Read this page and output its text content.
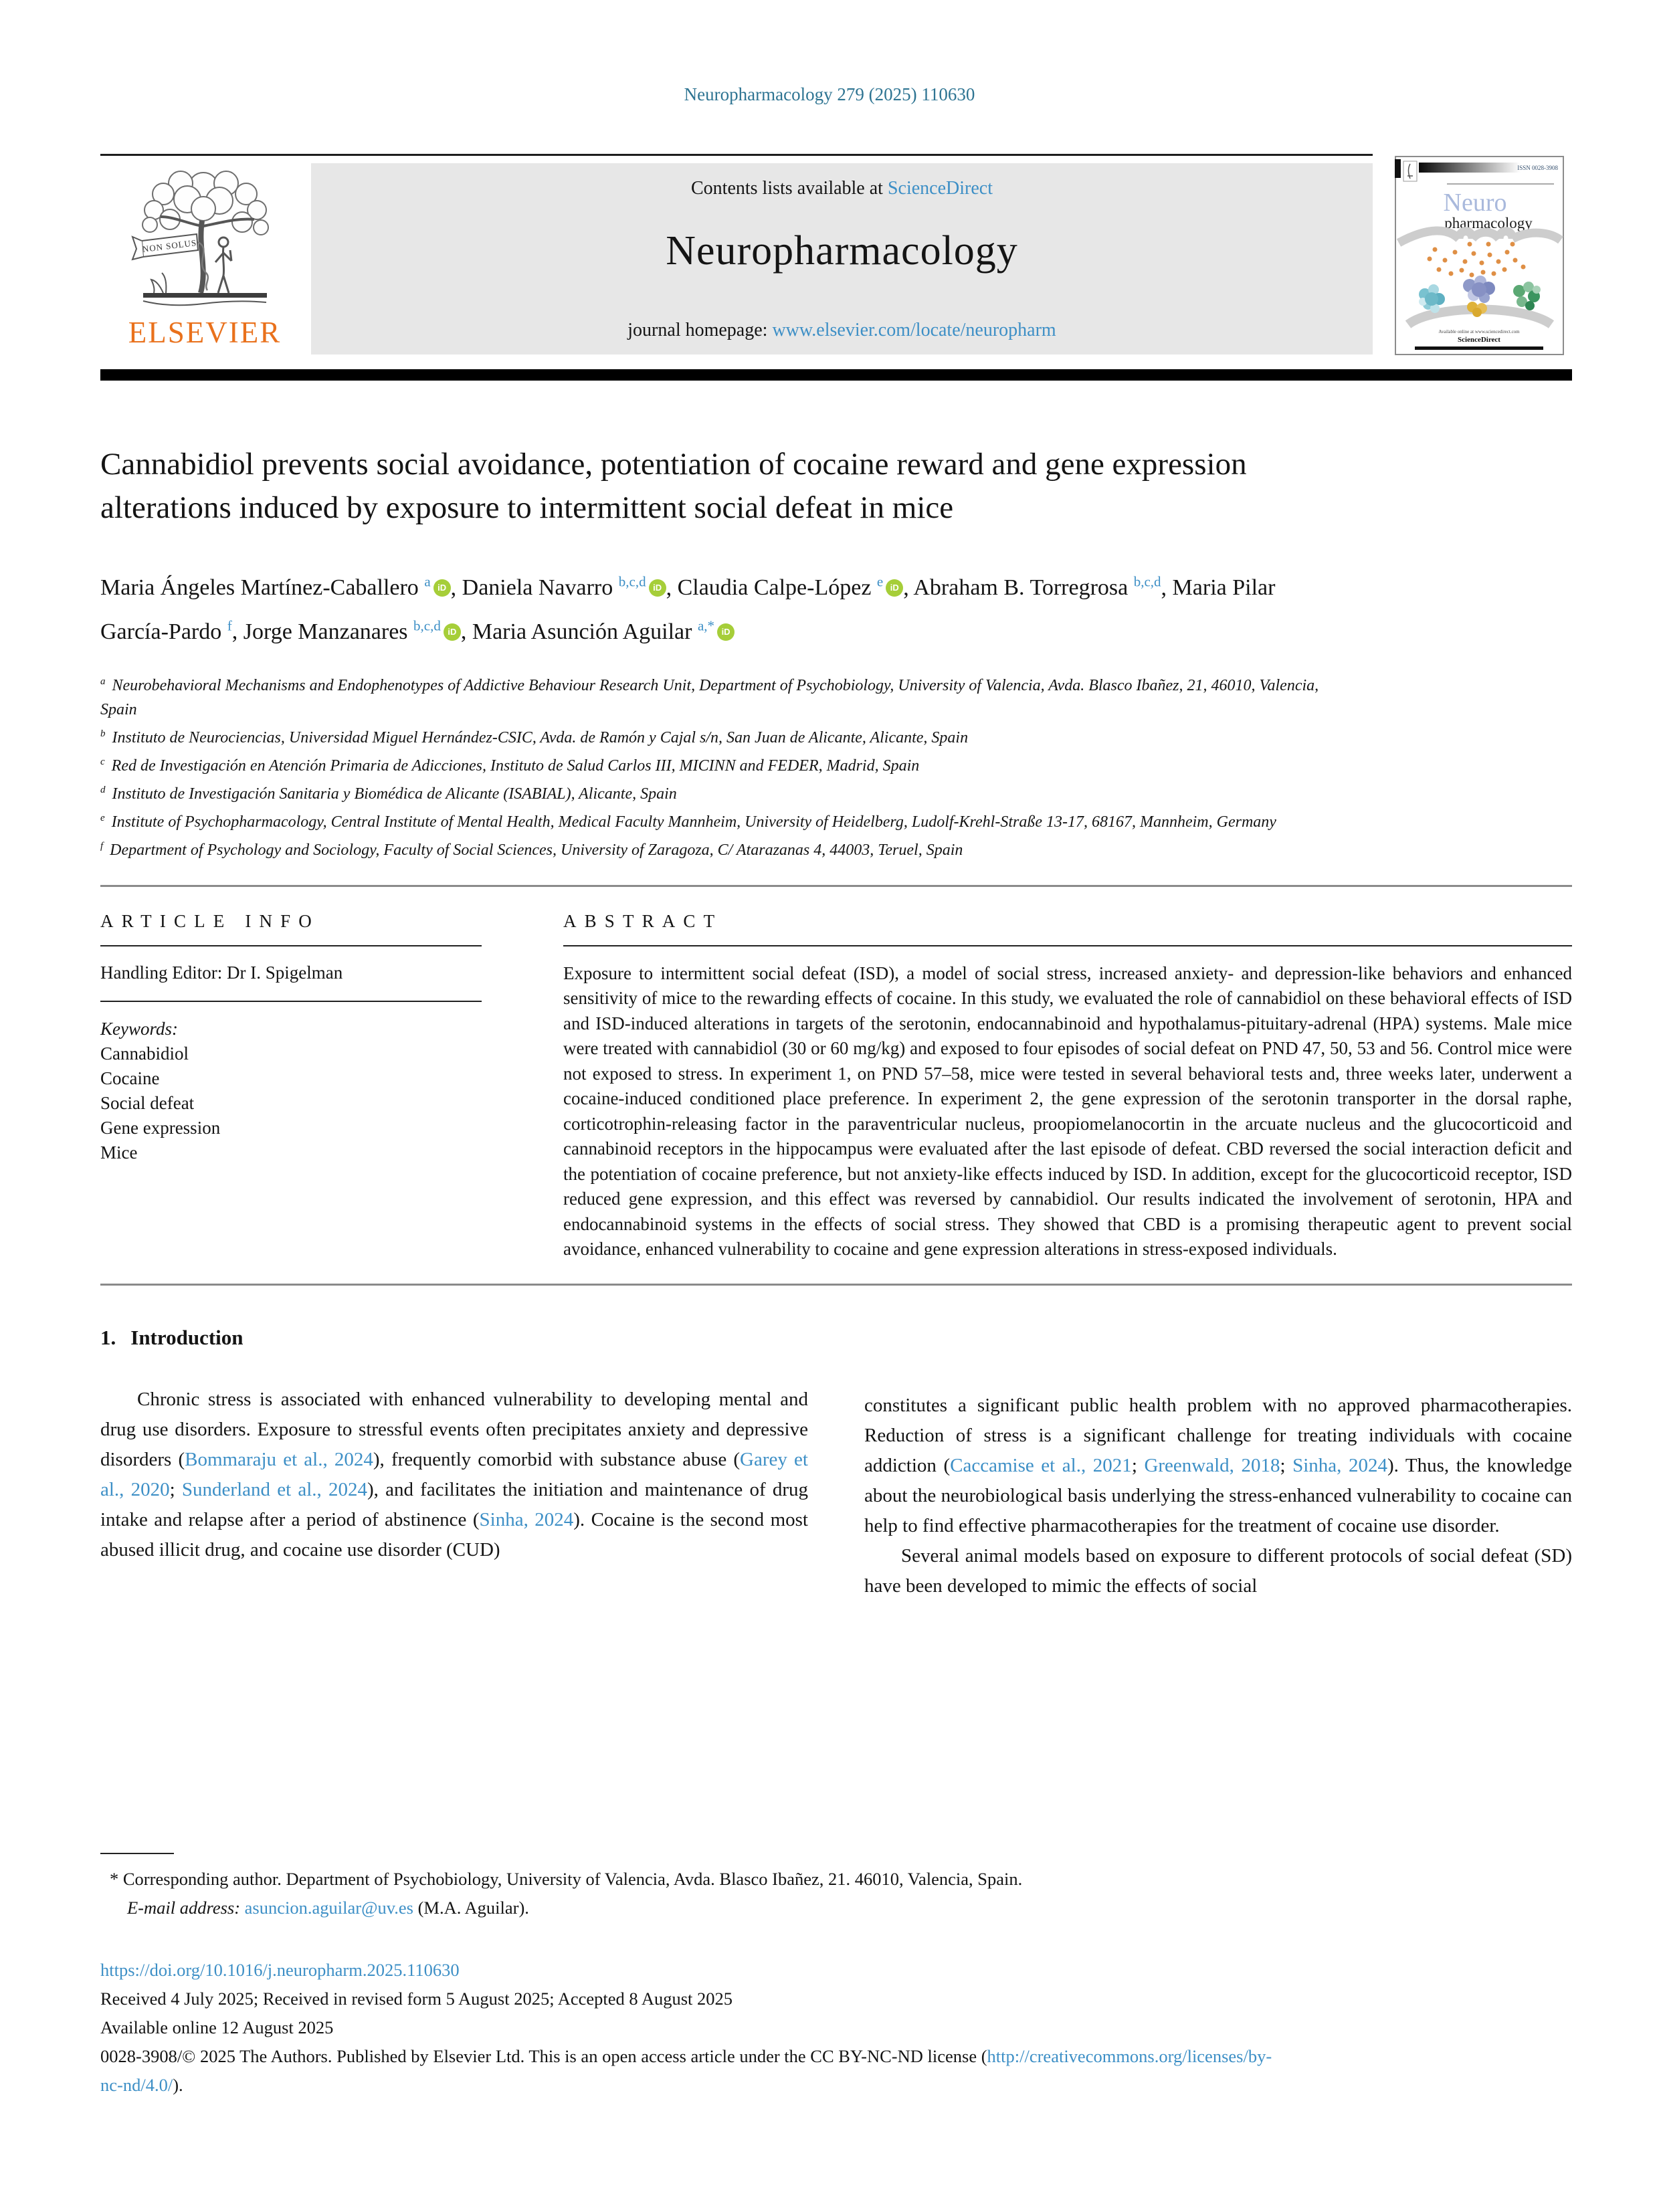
Neuropharmacology 279 (2025) 110630
NON SOLUS
ELSEVIER
Contents lists available at ScienceDirect
Neuropharmacology
journal homepage: www.elsevier.com/locate/neuropharm
ISSN 0028-3908
Neuro
pharmacology
Available online at www.sciencedirect.com
ScienceDirect
Cannabidiol prevents social avoidance, potentiation of cocaine reward and gene expression alterations induced by exposure to intermittent social defeat in mice
Maria Ángeles Martínez-Caballero $^a$ iD , Daniela Navarro $^{b,c,d}$ iD , Claudia Calpe-López $^e$ iD , Abraham B. Torregrosa $^{b,c,d}$, Maria Pilar García-Pardo $^f$, Jorge Manzanares $^{b,c,d}$ iD , Maria Asunción Aguilar $^{a,*}$ iD
$^a$ Neurobehavioral Mechanisms and Endophenotypes of Addictive Behaviour Research Unit, Department of Psychobiology, University of Valencia, Avda. Blasco Ibañez, 21, 46010, Valencia, Spain
$^b$ Instituto de Neurociencias, Universidad Miguel Hernández-CSIC, Avda. de Ramón y Cajal s/n, San Juan de Alicante, Alicante, Spain
$^c$ Red de Investigación en Atención Primaria de Adicciones, Instituto de Salud Carlos III, MICINN and FEDER, Madrid, Spain
$^d$ Instituto de Investigación Sanitaria y Biomédica de Alicante (ISABIAL), Alicante, Spain
$^e$ Institute of Psychopharmacology, Central Institute of Mental Health, Medical Faculty Mannheim, University of Heidelberg, Ludolf-Krehl-Straße 13-17, 68167, Mannheim, Germany
$^f$ Department of Psychology and Sociology, Faculty of Social Sciences, University of Zaragoza, C/ Atarazanas 4, 44003, Teruel, Spain
ARTICLE INFO
Handling Editor: Dr I. Spigelman
Keywords:
Cannabidiol
Cocaine
Social defeat
Gene expression
Mice
ABSTRACT
Exposure to intermittent social defeat (ISD), a model of social stress, increased anxiety- and depression-like behaviors and enhanced sensitivity of mice to the rewarding effects of cocaine. In this study, we evaluated the role of cannabidiol on these behavioral effects of ISD and ISD-induced alterations in targets of the serotonin, endocannabinoid and hypothalamus-pituitary-adrenal (HPA) systems. Male mice were treated with cannabidiol (30 or 60 mg/kg) and exposed to four episodes of social defeat on PND 47, 50, 53 and 56. Control mice were not exposed to stress. In experiment 1, on PND 57–58, mice were tested in several behavioral tests and, three weeks later, underwent a cocaine-induced conditioned place preference. In experiment 2, the gene expression of the serotonin transporter in the dorsal raphe, corticotrophin-releasing factor in the paraventricular nucleus, proopiomelanocortin in the arcuate nucleus and the glucocorticoid and cannabinoid receptors in the hippocampus were evaluated after the last episode of defeat. CBD reversed the social interaction deficit and the potentiation of cocaine preference, but not anxiety-like effects induced by ISD. In addition, except for the glucocorticoid receptor, ISD reduced gene expression, and this effect was reversed by cannabidiol. Our results indicated the involvement of serotonin, HPA and endocannabinoid systems in the effects of social stress. They showed that CBD is a promising therapeutic agent to prevent social avoidance, enhanced vulnerability to cocaine and gene expression alterations in stress-exposed individuals.
1. Introduction

Chronic stress is associated with enhanced vulnerability to developing mental and drug use disorders. Exposure to stressful events often precipitates anxiety and depressive disorders (Bommaraju et al., 2024), frequently comorbid with substance abuse (Garey et al., 2020; Sunderland et al., 2024), and facilitates the initiation and maintenance of drug intake and relapse after a period of abstinence (Sinha, 2024). Cocaine is the second most abused illicit drug, and cocaine use disorder (CUD)

constitutes a significant public health problem with no approved pharmacotherapies. Reduction of stress is a significant challenge for treating individuals with cocaine addiction (Caccamise et al., 2021; Greenwald, 2018; Sinha, 2024). Thus, the knowledge about the neurobiological basis underlying the stress-enhanced vulnerability to cocaine can help to find effective pharmacotherapies for the treatment of cocaine use disorder.

Several animal models based on exposure to different protocols of social defeat (SD) have been developed to mimic the effects of social

* Corresponding author. Department of Psychobiology, University of Valencia, Avda. Blasco Ibañez, 21. 46010, Valencia, Spain.
E-mail address: asuncion.aguilar@uv.es (M.A. Aguilar).
https://doi.org/10.1016/j.neuropharm.2025.110630
Received 4 July 2025; Received in revised form 5 August 2025; Accepted 8 August 2025
Available online 12 August 2025
0028-3908/© 2025 The Authors. Published by Elsevier Ltd. This is an open access article under the CC BY-NC-ND license (http://creativecommons.org/licenses/by-
nc-nd/4.0/).
